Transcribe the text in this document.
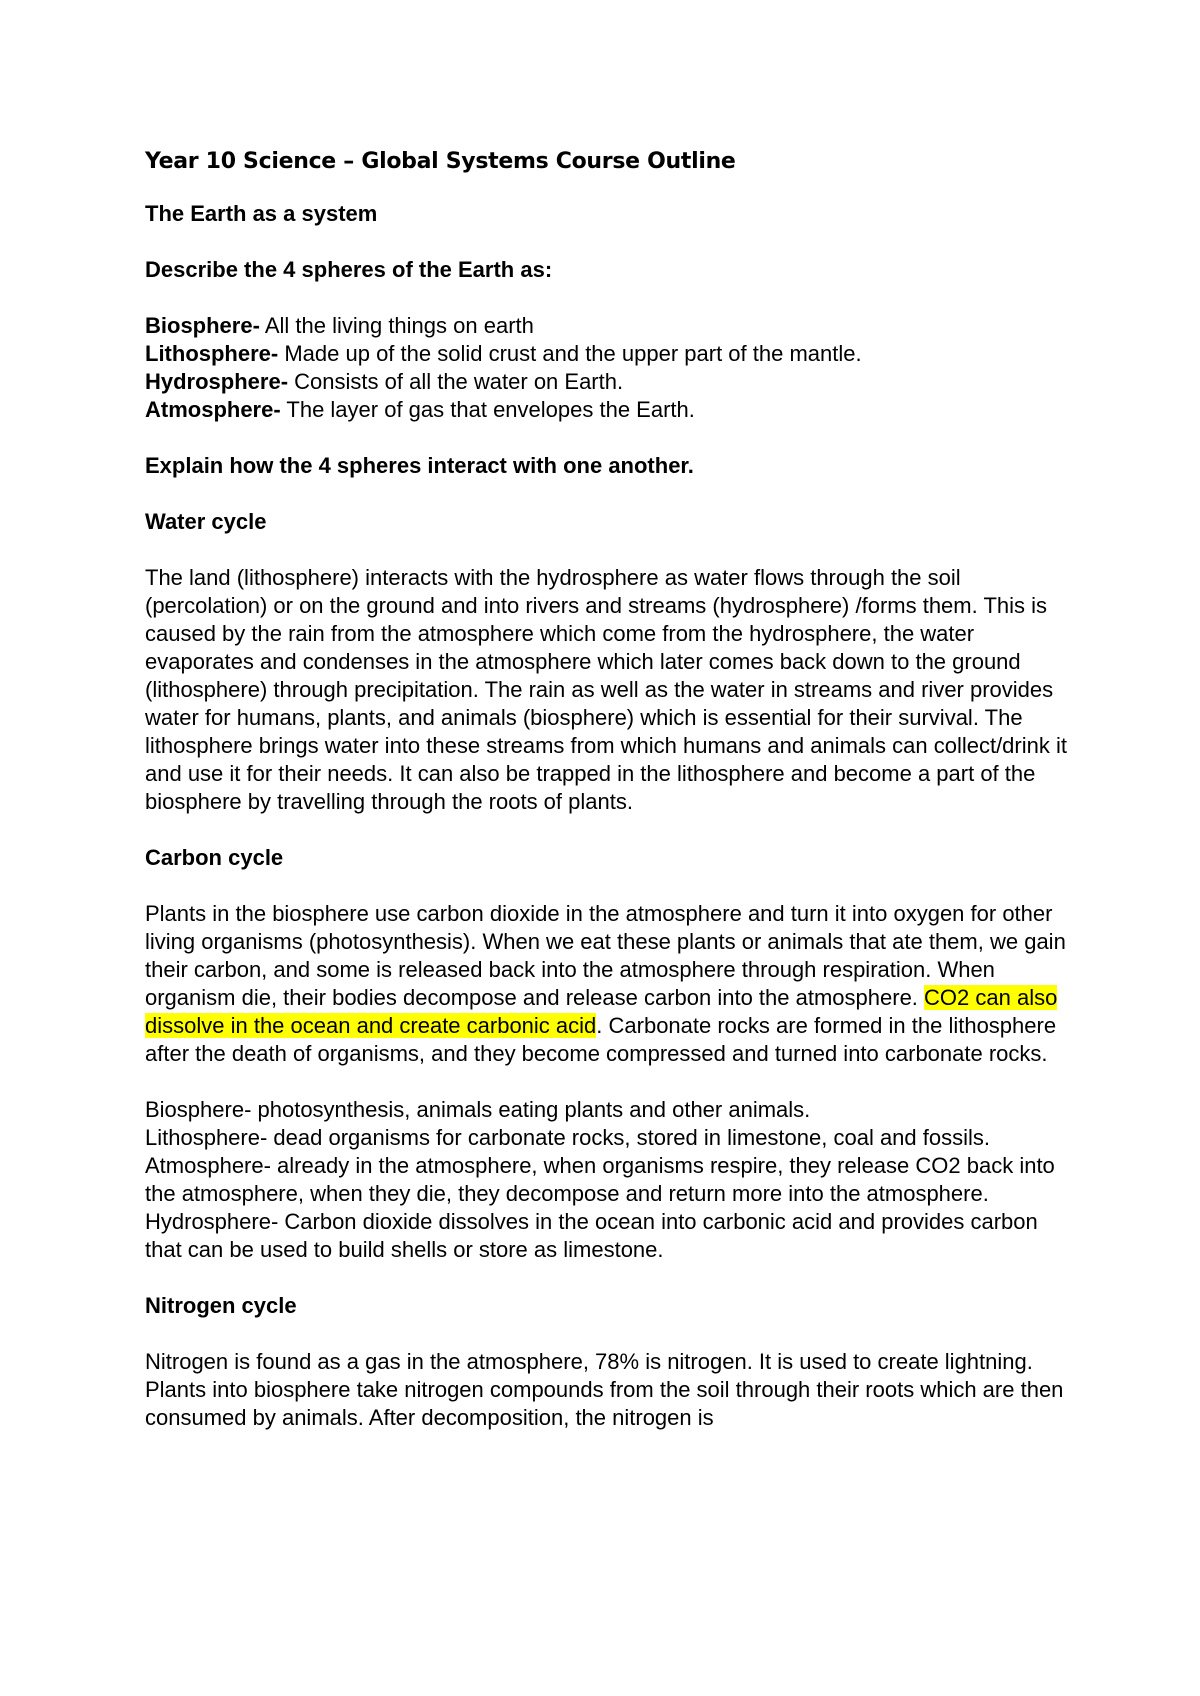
Year 10 Science – Global Systems Course Outline
The Earth as a system
Describe the 4 spheres of the Earth as:
Biosphere- All the living things on earth
Lithosphere- Made up of the solid crust and the upper part of the mantle.
Hydrosphere- Consists of all the water on Earth.
Atmosphere- The layer of gas that envelopes the Earth.
Explain how the 4 spheres interact with one another.
Water cycle
The land (lithosphere) interacts with the hydrosphere as water flows through the soil (percolation) or on the ground and into rivers and streams (hydrosphere) /forms them. This is caused by the rain from the atmosphere which come from the hydrosphere, the water evaporates and condenses in the atmosphere which later comes back down to the ground (lithosphere) through precipitation. The rain as well as the water in streams and river provides water for humans, plants, and animals (biosphere) which is essential for their survival. The lithosphere brings water into these streams from which humans and animals can collect/drink it and use it for their needs. It can also be trapped in the lithosphere and become a part of the biosphere by travelling through the roots of plants.
Carbon cycle
Plants in the biosphere use carbon dioxide in the atmosphere and turn it into oxygen for other living organisms (photosynthesis). When we eat these plants or animals that ate them, we gain their carbon, and some is released back into the atmosphere through respiration. When organism die, their bodies decompose and release carbon into the atmosphere. CO2 can also dissolve in the ocean and create carbonic acid. Carbonate rocks are formed in the lithosphere after the death of organisms, and they become compressed and turned into carbonate rocks.
Biosphere- photosynthesis, animals eating plants and other animals.
Lithosphere- dead organisms for carbonate rocks, stored in limestone, coal and fossils.
Atmosphere- already in the atmosphere, when organisms respire, they release CO2 back into the atmosphere, when they die, they decompose and return more into the atmosphere.
Hydrosphere- Carbon dioxide dissolves in the ocean into carbonic acid and provides carbon that can be used to build shells or store as limestone.
Nitrogen cycle
Nitrogen is found as a gas in the atmosphere, 78% is nitrogen. It is used to create lightning. Plants into biosphere take nitrogen compounds from the soil through their roots which are then consumed by animals. After decomposition, the nitrogen is
